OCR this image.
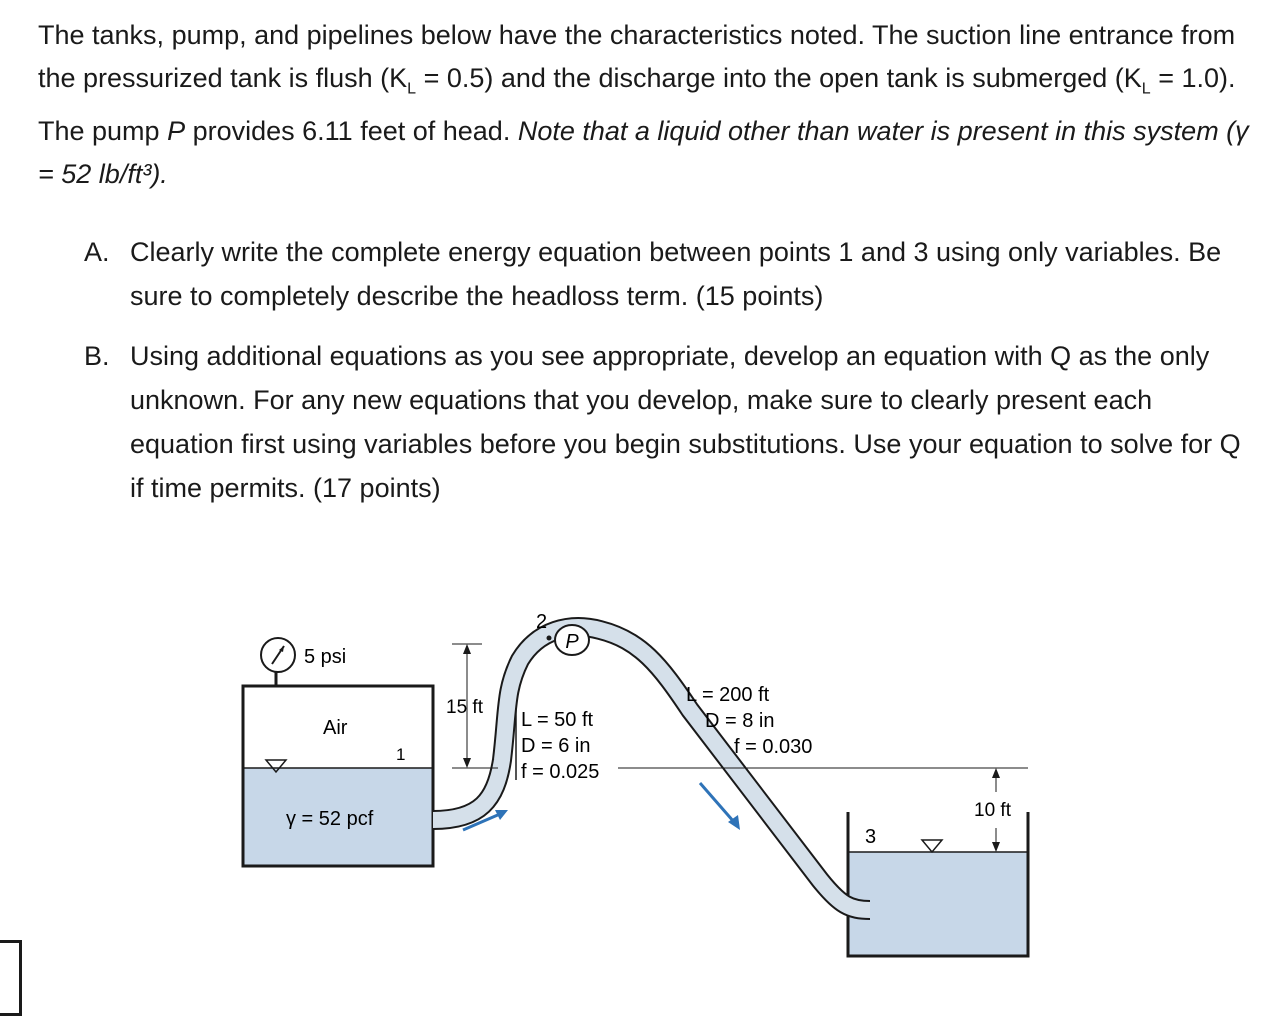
The tanks, pump, and pipelines below have the characteristics noted. The suction line entrance from the pressurized tank is flush $(K_L = 0.5)$ and the discharge into the open tank is submerged $(K_L = 1.0)$. The pump P provides 6.11 feet of head. Note that a liquid other than water is present in this system (γ = 52 lb/ft³).
A. Clearly write the complete energy equation between points 1 and 3 using only variables. Be sure to completely describe the headloss term. (15 points)
B. Using additional equations as you see appropriate, develop an equation with Q as the only unknown. For any new equations that you develop, make sure to clearly present each equation first using variables before you begin substitutions. Use your equation to solve for Q if time permits. (17 points)
P
5 psi
Air
1
2
3
γ = 52 pcf
15 ft
10 ft
L = 50 ft
D = 6 in
f = 0.025
L = 200 ft
D = 8 in
f = 0.030
